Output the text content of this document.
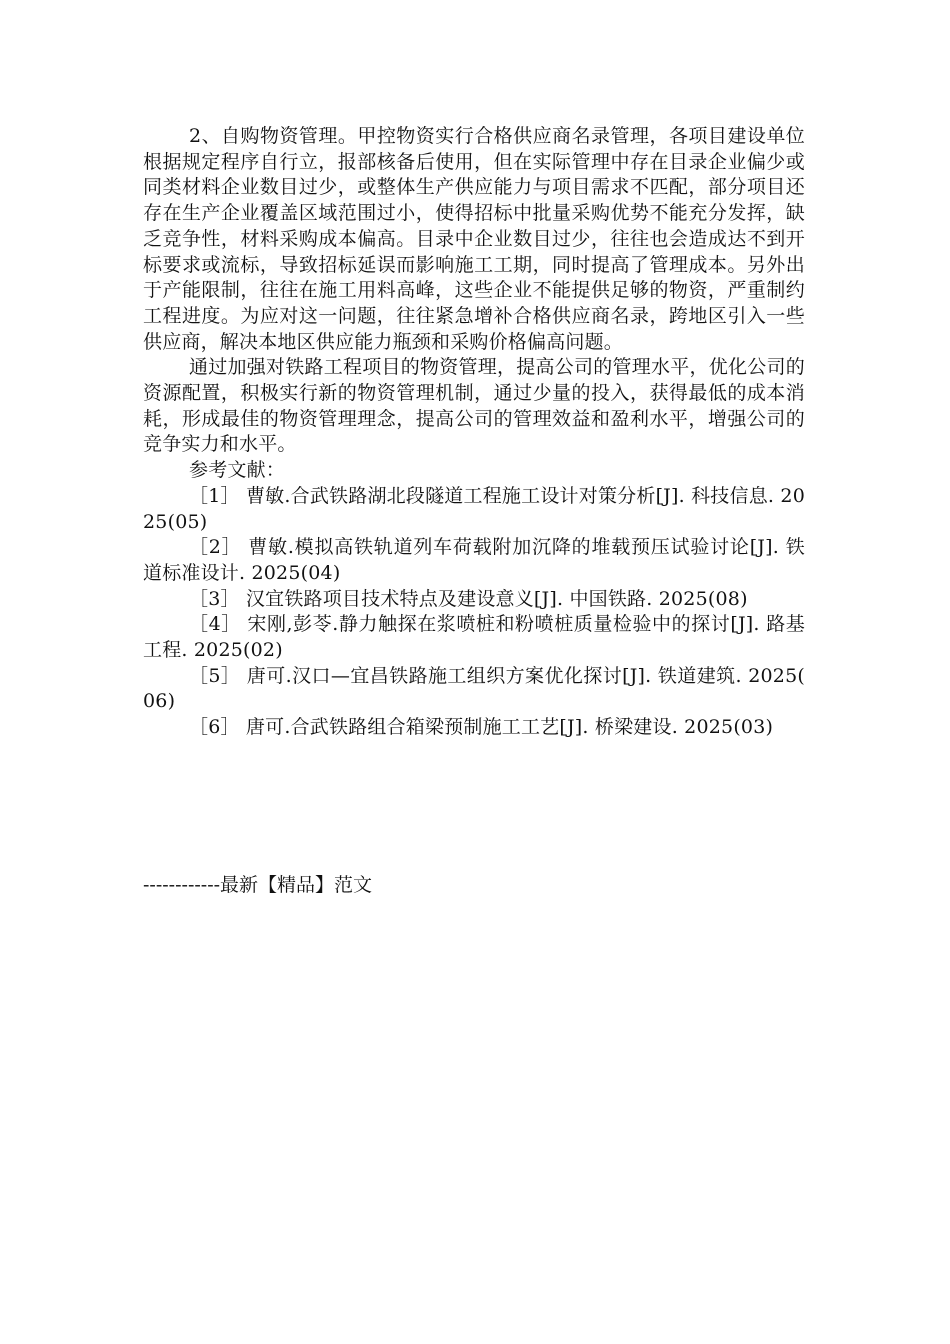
2、自购物资管理。甲控物资实行合格供应商名录管理，各项目建设单位根据规定程序自行立，报部核备后使用，但在实际管理中存在目录企业偏少或同类材料企业数目过少，或整体生产供应能力与项目需求不匹配，部分项目还存在生产企业覆盖区域范围过小，使得招标中批量采购优势不能充分发挥，缺乏竞争性，材料采购成本偏高。目录中企业数目过少，往往也会造成达不到开标要求或流标，导致招标延误而影响施工工期，同时提高了管理成本。另外出于产能限制，往往在施工用料高峰，这些企业不能提供足够的物资，严重制约工程进度。为应对这一问题，往往紧急增补合格供应商名录，跨地区引入一些供应商，解决本地区供应能力瓶颈和采购价格偏高问题。

通过加强对铁路工程项目的物资管理，提高公司的管理水平，优化公司的资源配置，积极实行新的物资管理机制，通过少量的投入，获得最低的成本消耗，形成最佳的物资管理理念，提高公司的管理效益和盈利水平，增强公司的竞争实力和水平。

参考文献：

［1］ 曹敏.合武铁路湖北段隧道工程施工设计对策分析[J]. 科技信息. 2025(05)

［2］ 曹敏.模拟高铁轨道列车荷载附加沉降的堆载预压试验讨论[J]. 铁道标准设计. 2025(04)

［3］ 汉宜铁路项目技术特点及建设意义[J]. 中国铁路. 2025(08)

［4］ 宋刚,彭苓.静力触探在浆喷桩和粉喷桩质量检验中的探讨[J]. 路基工程. 2025(02)

［5］ 唐可.汉口—宜昌铁路施工组织方案优化探讨[J]. 铁道建筑. 2025(06)

［6］ 唐可.合武铁路组合箱梁预制施工工艺[J]. 桥梁建设. 2025(03)

------------最新【精品】范文
